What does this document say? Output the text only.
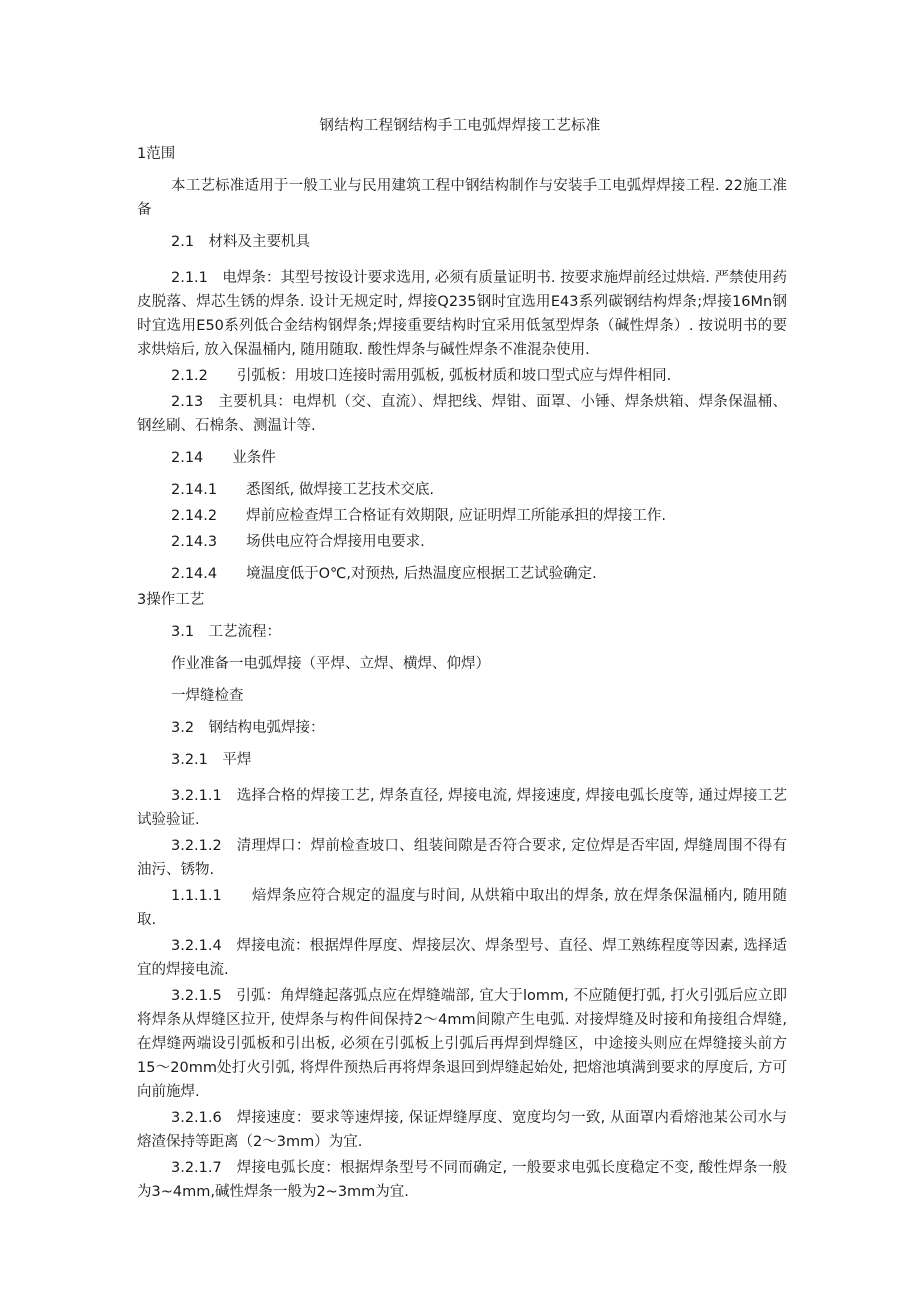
钢结构工程钢结构手工电弧焊焊接工艺标准

1范围

本工艺标准适用于一般工业与民用建筑工程中钢结构制作与安装手工电弧焊焊接工程. 22施工准备

2.1　材料及主要机具

2.1.1　电焊条：其型号按设计要求选用, 必须有质量证明书. 按要求施焊前经过烘焙. 严禁使用药皮脱落、焊芯生锈的焊条. 设计无规定时, 焊接Q235钢时宜选用E43系列碳钢结构焊条;焊接16Mn钢时宜选用E50系列低合金结构钢焊条;焊接重要结构时宜采用低氢型焊条（碱性焊条）. 按说明书的要求烘焙后, 放入保温桶内, 随用随取. 酸性焊条与碱性焊条不准混杂使用.

2.1.2　　引弧板：用坡口连接时需用弧板, 弧板材质和坡口型式应与焊件相同.

2.13　主要机具：电焊机（交、直流）、焊把线、焊钳、面罩、小锤、焊条烘箱、焊条保温桶、钢丝刷、石棉条、测温计等.

2.14　　业条件

2.14.1　　悉图纸, 做焊接工艺技术交底.

2.14.2　　焊前应检查焊工合格证有效期限, 应证明焊工所能承担的焊接工作.

2.14.3　　场供电应符合焊接用电要求.

2.14.4　　境温度低于O℃,对预热, 后热温度应根据工艺试验确定.

3操作工艺

3.1　工艺流程：

作业准备一电弧焊接（平焊、立焊、横焊、仰焊）

一焊缝检查

3.2　钢结构电弧焊接：

3.2.1　平焊

3.2.1.1　选择合格的焊接工艺, 焊条直径, 焊接电流, 焊接速度, 焊接电弧长度等, 通过焊接工艺试验验证.

3.2.1.2　清理焊口：焊前检查坡口、组装间隙是否符合要求, 定位焊是否牢固, 焊缝周围不得有油污、锈物.

1.1.1.1　　焙焊条应符合规定的温度与时间, 从烘箱中取出的焊条, 放在焊条保温桶内, 随用随取.

3.2.1.4　焊接电流：根据焊件厚度、焊接层次、焊条型号、直径、焊工熟练程度等因素, 选择适宜的焊接电流.

3.2.1.5　引弧：角焊缝起落弧点应在焊缝端部, 宜大于lomm, 不应随便打弧, 打火引弧后应立即将焊条从焊缝区拉开, 使焊条与构件间保持2～4mm间隙产生电弧. 对接焊缝及时接和角接组合焊缝, 在焊缝两端设引弧板和引出板, 必须在引弧板上引弧后再焊到焊缝区，中途接头则应在焊缝接头前方15～20mm处打火引弧, 将焊件预热后再将焊条退回到焊缝起始处, 把熔池填满到要求的厚度后, 方可向前施焊.

3.2.1.6　焊接速度：要求等速焊接, 保证焊缝厚度、宽度均匀一致, 从面罩内看熔池某公司水与熔渣保持等距离（2～3mm）为宜.

3.2.1.7　焊接电弧长度：根据焊条型号不同而确定, 一般要求电弧长度稳定不变, 酸性焊条一般为3~4mm,碱性焊条一般为2~3mm为宜.
